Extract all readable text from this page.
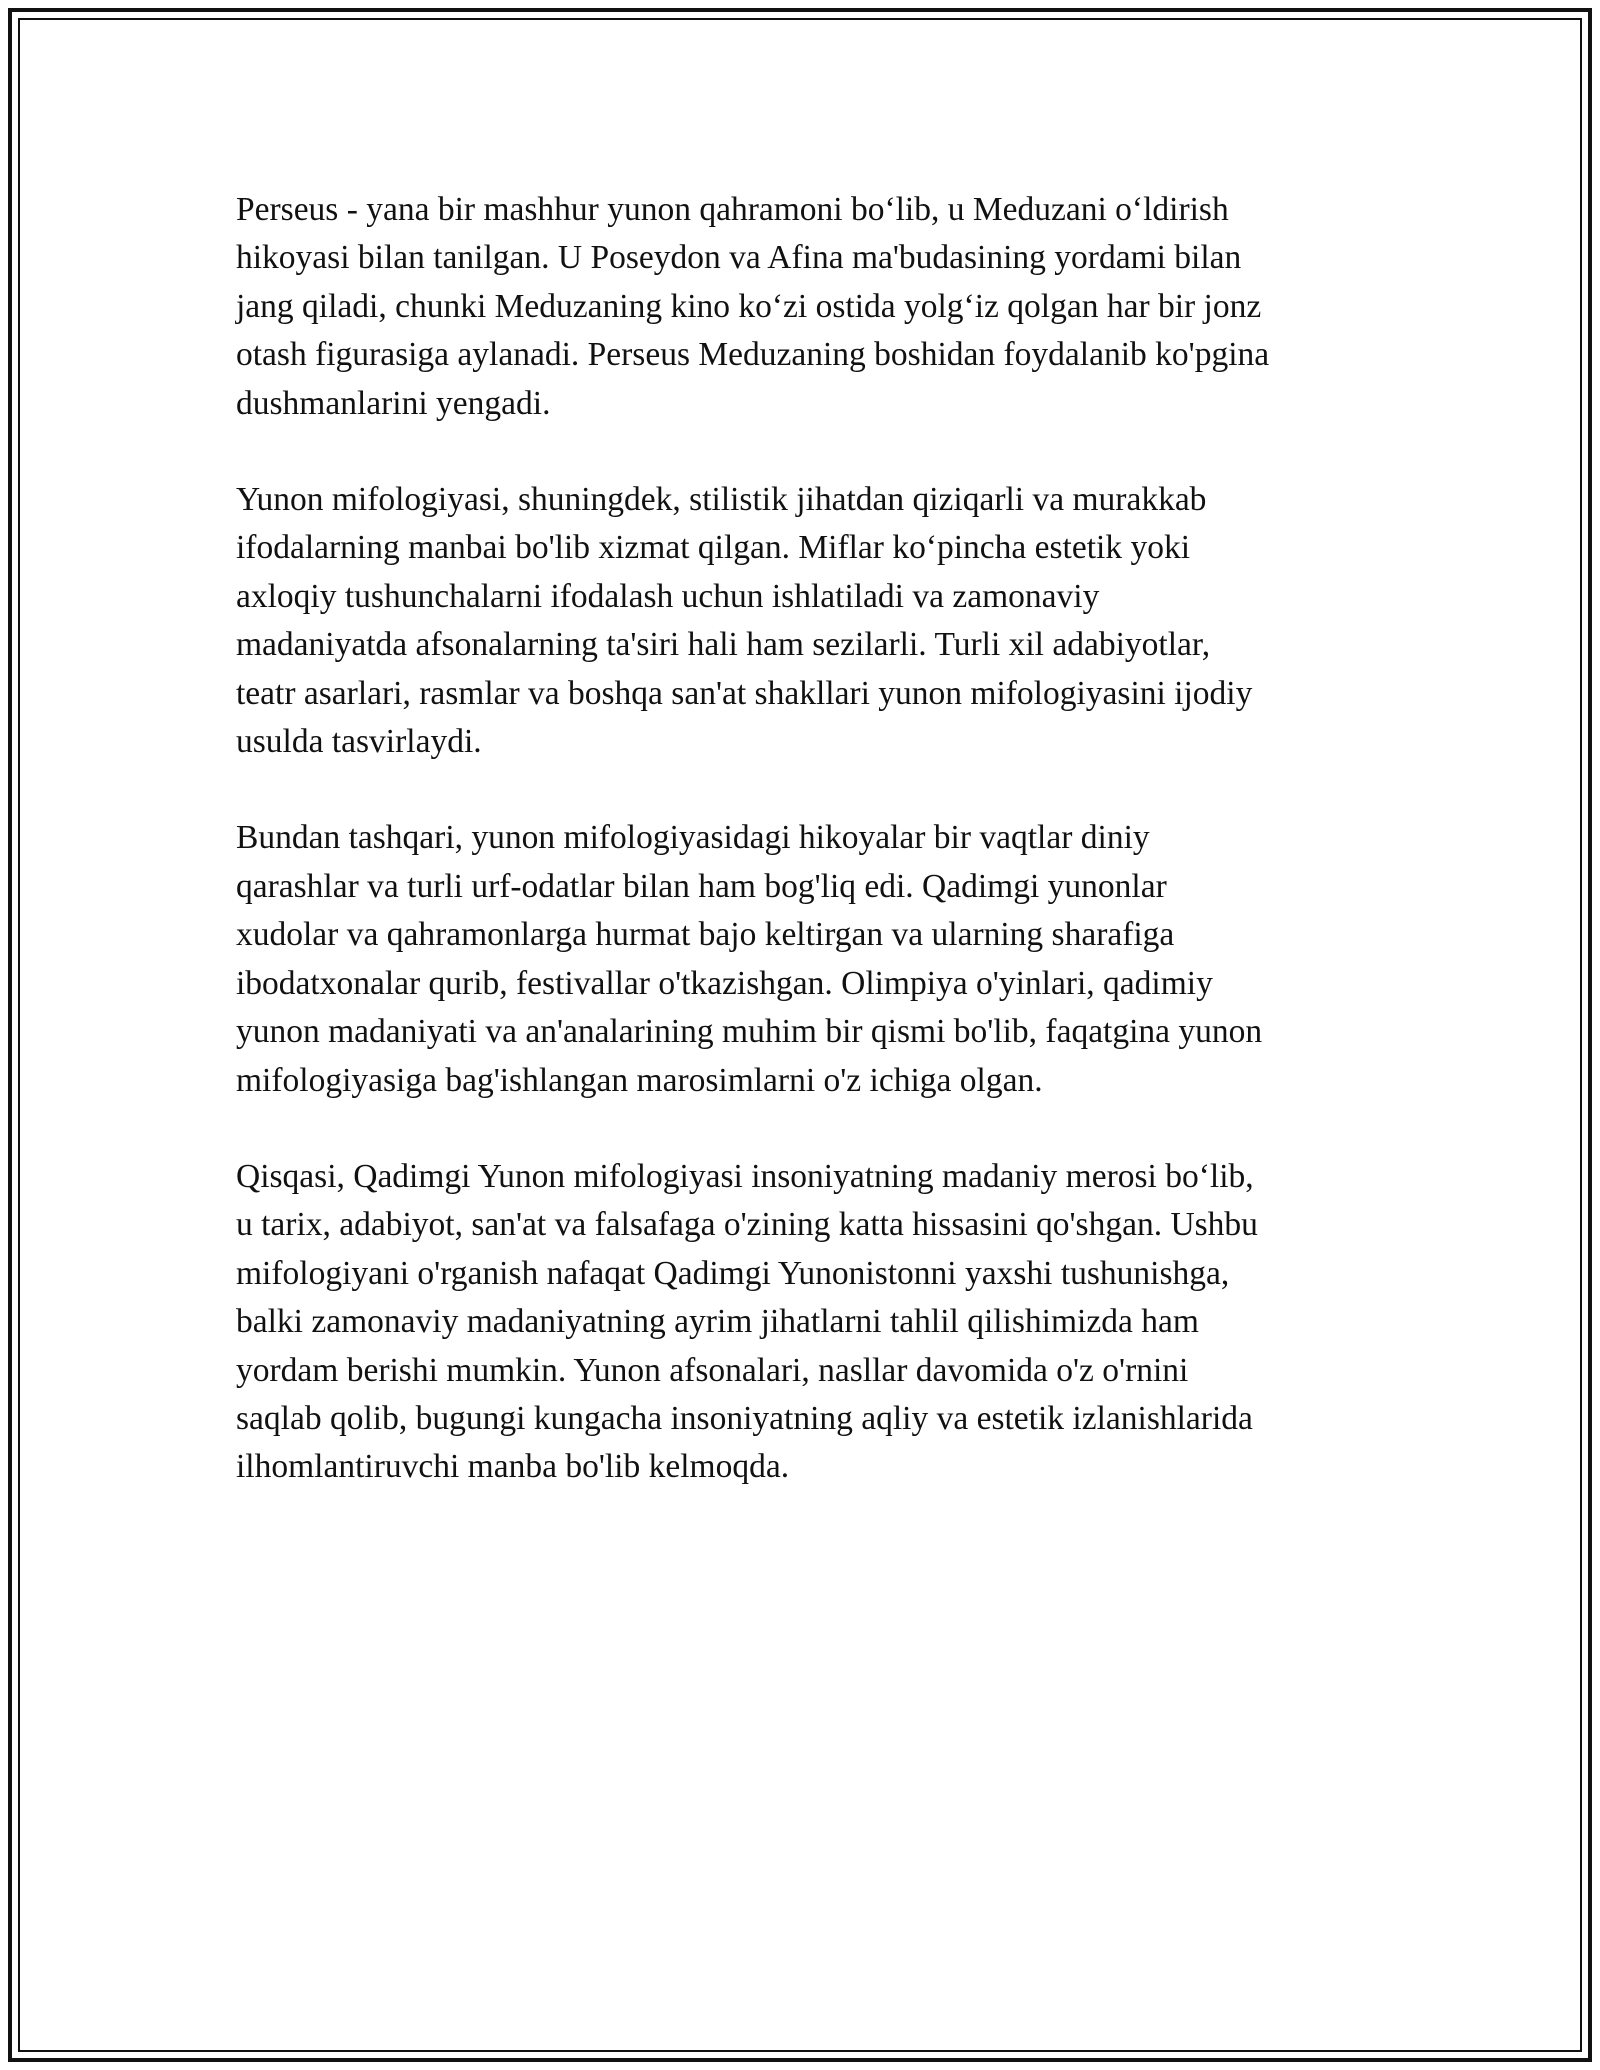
Perseus - yana bir mashhur yunon qahramoni bo‘lib, u Meduzani o‘ldirish
hikoyasi bilan tanilgan. U Poseydon va Afina ma'budasining yordami bilan
jang qiladi, chunki Meduzaning kino ko‘zi ostida yolg‘iz qolgan har bir jonz
otash figurasiga aylanadi. Perseus Meduzaning boshidan foydalanib ko'pgina
dushmanlarini yengadi.

Yunon mifologiyasi, shuningdek, stilistik jihatdan qiziqarli va murakkab
ifodalarning manbai bo'lib xizmat qilgan. Miflar ko‘pincha estetik yoki
axloqiy tushunchalarni ifodalash uchun ishlatiladi va zamonaviy
madaniyatda afsonalarning ta'siri hali ham sezilarli. Turli xil adabiyotlar,
teatr asarlari, rasmlar va boshqa san'at shakllari yunon mifologiyasini ijodiy
usulda tasvirlaydi.

Bundan tashqari, yunon mifologiyasidagi hikoyalar bir vaqtlar diniy
qarashlar va turli urf-odatlar bilan ham bog'liq edi. Qadimgi yunonlar
xudolar va qahramonlarga hurmat bajo keltirgan va ularning sharafiga
ibodatxonalar qurib, festivallar o'tkazishgan. Olimpiya o'yinlari, qadimiy
yunon madaniyati va an'analarining muhim bir qismi bo'lib, faqatgina yunon
mifologiyasiga bag'ishlangan marosimlarni o'z ichiga olgan.

Qisqasi, Qadimgi Yunon mifologiyasi insoniyatning madaniy merosi bo‘lib,
u tarix, adabiyot, san'at va falsafaga o'zining katta hissasini qo'shgan. Ushbu
mifologiyani o'rganish nafaqat Qadimgi Yunonistonni yaxshi tushunishga,
balki zamonaviy madaniyatning ayrim jihatlarni tahlil qilishimizda ham
yordam berishi mumkin. Yunon afsonalari, nasllar davomida o'z o'rnini
saqlab qolib, bugungi kungacha insoniyatning aqliy va estetik izlanishlarida
ilhomlantiruvchi manba bo'lib kelmoqda.
